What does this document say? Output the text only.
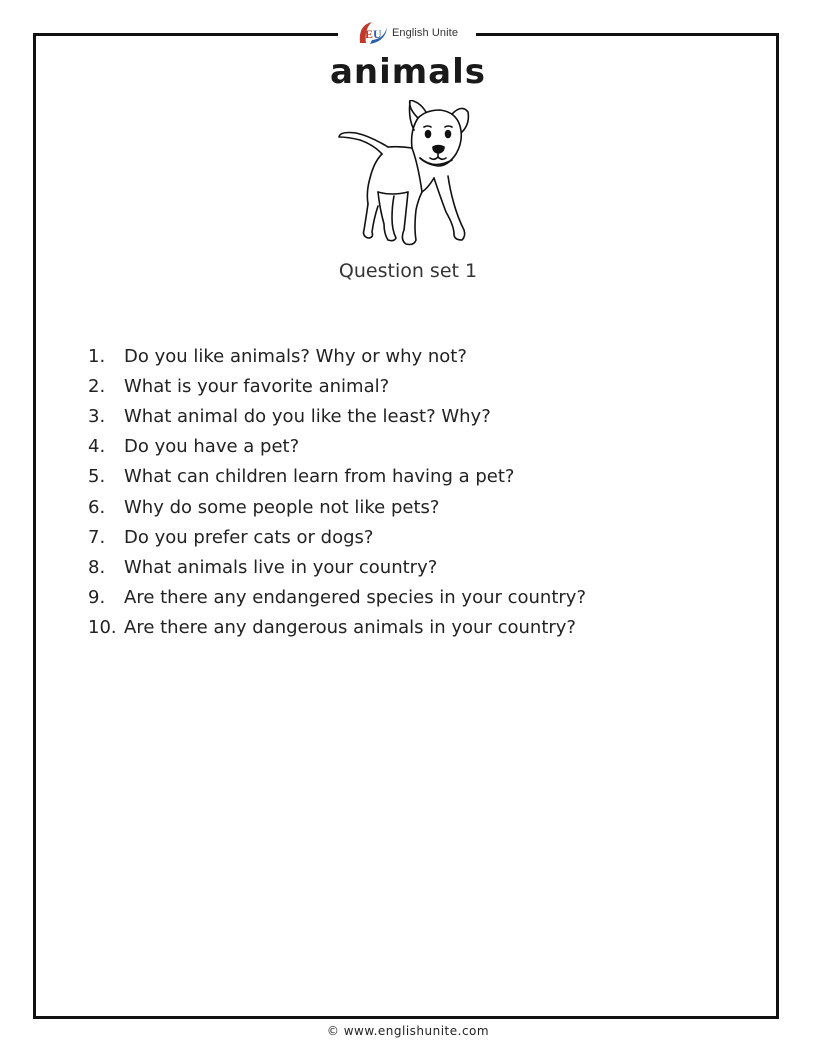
E U English Unite
animals
Question set 1
1.	Do you like animals? Why or why not?
2.	What is your favorite animal?
3.	What animal do you like the least? Why?
4.	Do you have a pet?
5.	What can children learn from having a pet?
6.	Why do some people not like pets?
7.	Do you prefer cats or dogs?
8.	What animals live in your country?
9.	Are there any endangered species in your country?
10. Are there any dangerous animals in your country?
© www.englishunite.com
